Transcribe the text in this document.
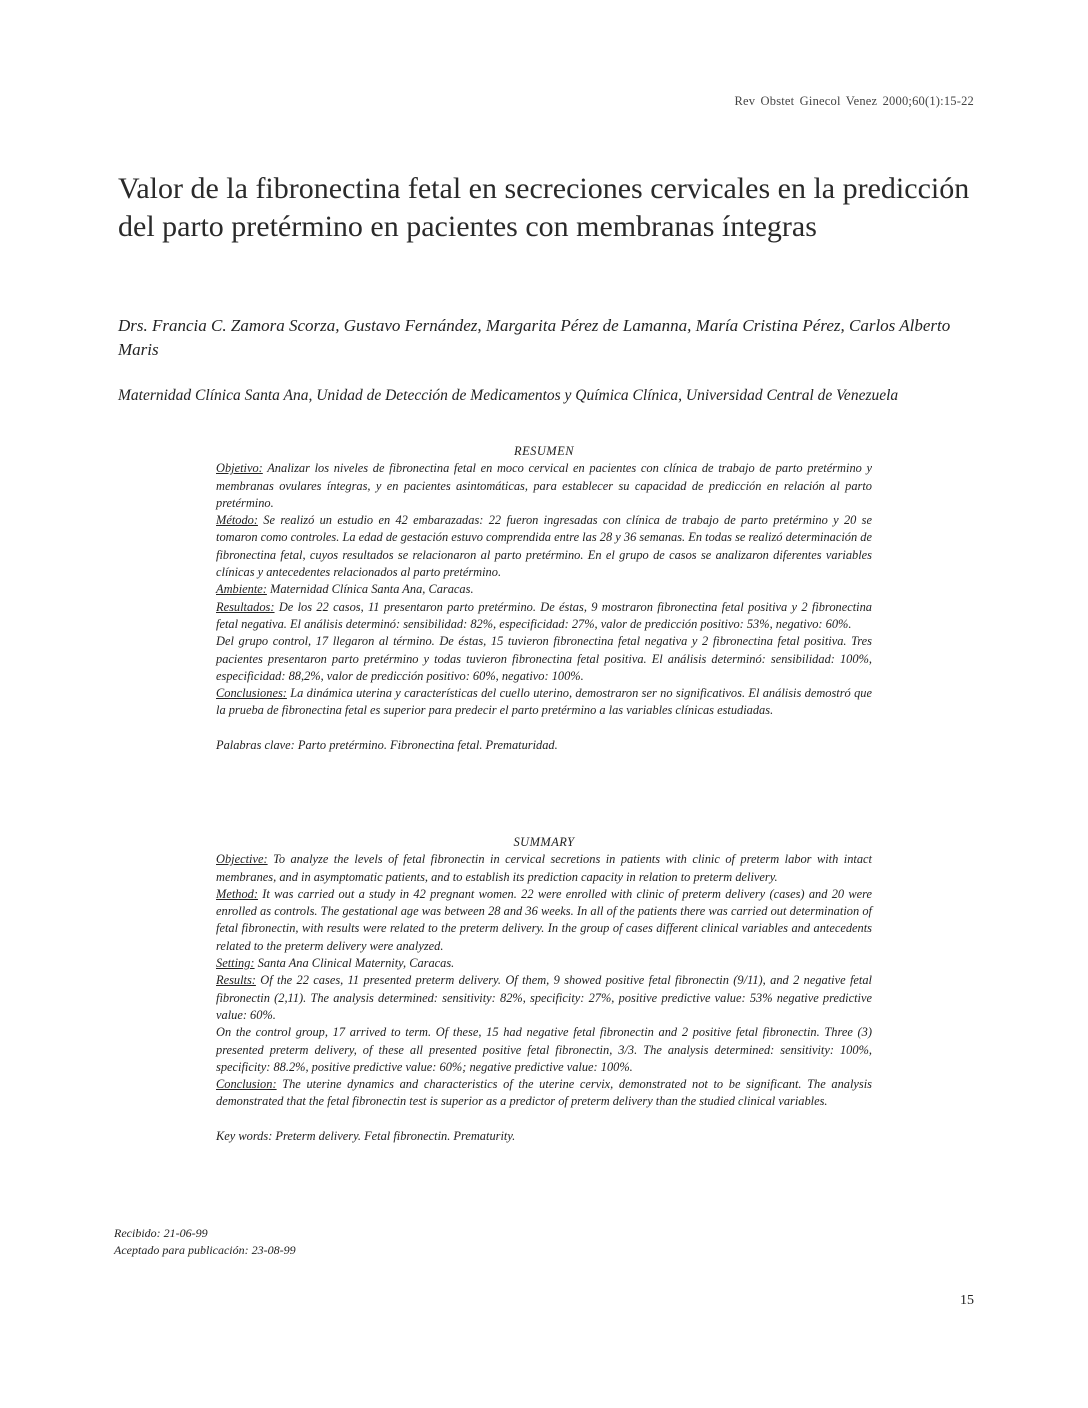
Rev Obstet Ginecol Venez 2000;60(1):15-22
Valor de la fibronectina fetal en secreciones cervicales en la predicción del parto pretérmino en pacientes con membranas íntegras

Drs. Francia C. Zamora Scorza, Gustavo Fernández, Margarita Pérez de Lamanna, María Cristina Pérez, Carlos Alberto Maris

Maternidad Clínica Santa Ana, Unidad de Detección de Medicamentos y Química Clínica, Universidad Central de Venezuela

RESUMEN

Objetivo: Analizar los niveles de fibronectina fetal en moco cervical en pacientes con clínica de trabajo de parto pretérmino y membranas ovulares íntegras, y en pacientes asintomáticas, para establecer su capacidad de predicción en relación al parto pretérmino.

Método: Se realizó un estudio en 42 embarazadas: 22 fueron ingresadas con clínica de trabajo de parto pretérmino y 20 se tomaron como controles. La edad de gestación estuvo comprendida entre las 28 y 36 semanas. En todas se realizó determinación de fibronectina fetal, cuyos resultados se relacionaron al parto pretérmino. En el grupo de casos se analizaron diferentes variables clínicas y antecedentes relacionados al parto pretérmino.

Ambiente: Maternidad Clínica Santa Ana, Caracas.

Resultados: De los 22 casos, 11 presentaron parto pretérmino. De éstas, 9 mostraron fibronectina fetal positiva y 2 fibronectina fetal negativa. El análisis determinó: sensibilidad: 82%, especificidad: 27%, valor de predicción positivo: 53%, negativo: 60%.

Del grupo control, 17 llegaron al término. De éstas, 15 tuvieron fibronectina fetal negativa y 2 fibronectina fetal positiva. Tres pacientes presentaron parto pretérmino y todas tuvieron fibronectina fetal positiva. El análisis determinó: sensibilidad: 100%, especificidad: 88,2%, valor de predicción positivo: 60%, negativo: 100%.

Conclusiones: La dinámica uterina y características del cuello uterino, demostraron ser no significativos. El análisis demostró que la prueba de fibronectina fetal es superior para predecir el parto pretérmino a las variables clínicas estudiadas.

Palabras clave: Parto pretérmino. Fibronectina fetal. Prematuridad.

SUMMARY

Objective: To analyze the levels of fetal fibronectin in cervical secretions in patients with clinic of preterm labor with intact membranes, and in asymptomatic patients, and to establish its prediction capacity in relation to preterm delivery.

Method: It was carried out a study in 42 pregnant women. 22 were enrolled with clinic of preterm delivery (cases) and 20 were enrolled as controls. The gestational age was between 28 and 36 weeks. In all of the patients there was carried out determination of fetal fibronectin, with results were related to the preterm delivery. In the group of cases different clinical variables and antecedents related to the preterm delivery were analyzed.

Setting: Santa Ana Clinical Maternity, Caracas.

Results: Of the 22 cases, 11 presented preterm delivery. Of them, 9 showed positive fetal fibronectin (9/11), and 2 negative fetal fibronectin (2,11). The analysis determined: sensitivity: 82%, specificity: 27%, positive predictive value: 53% negative predictive value: 60%.

On the control group, 17 arrived to term. Of these, 15 had negative fetal fibronectin and 2 positive fetal fibronectin. Three (3) presented preterm delivery, of these all presented positive fetal fibronectin, 3/3. The analysis determined: sensitivity: 100%, specificity: 88.2%, positive predictive value: 60%; negative predictive value: 100%.

Conclusion: The uterine dynamics and characteristics of the uterine cervix, demonstrated not to be significant. The analysis demonstrated that the fetal fibronectin test is superior as a predictor of preterm delivery than the studied clinical variables.

Key words: Preterm delivery. Fetal fibronectin. Prematurity.

Recibido: 21-06-99
Aceptado para publicación: 23-08-99
15
